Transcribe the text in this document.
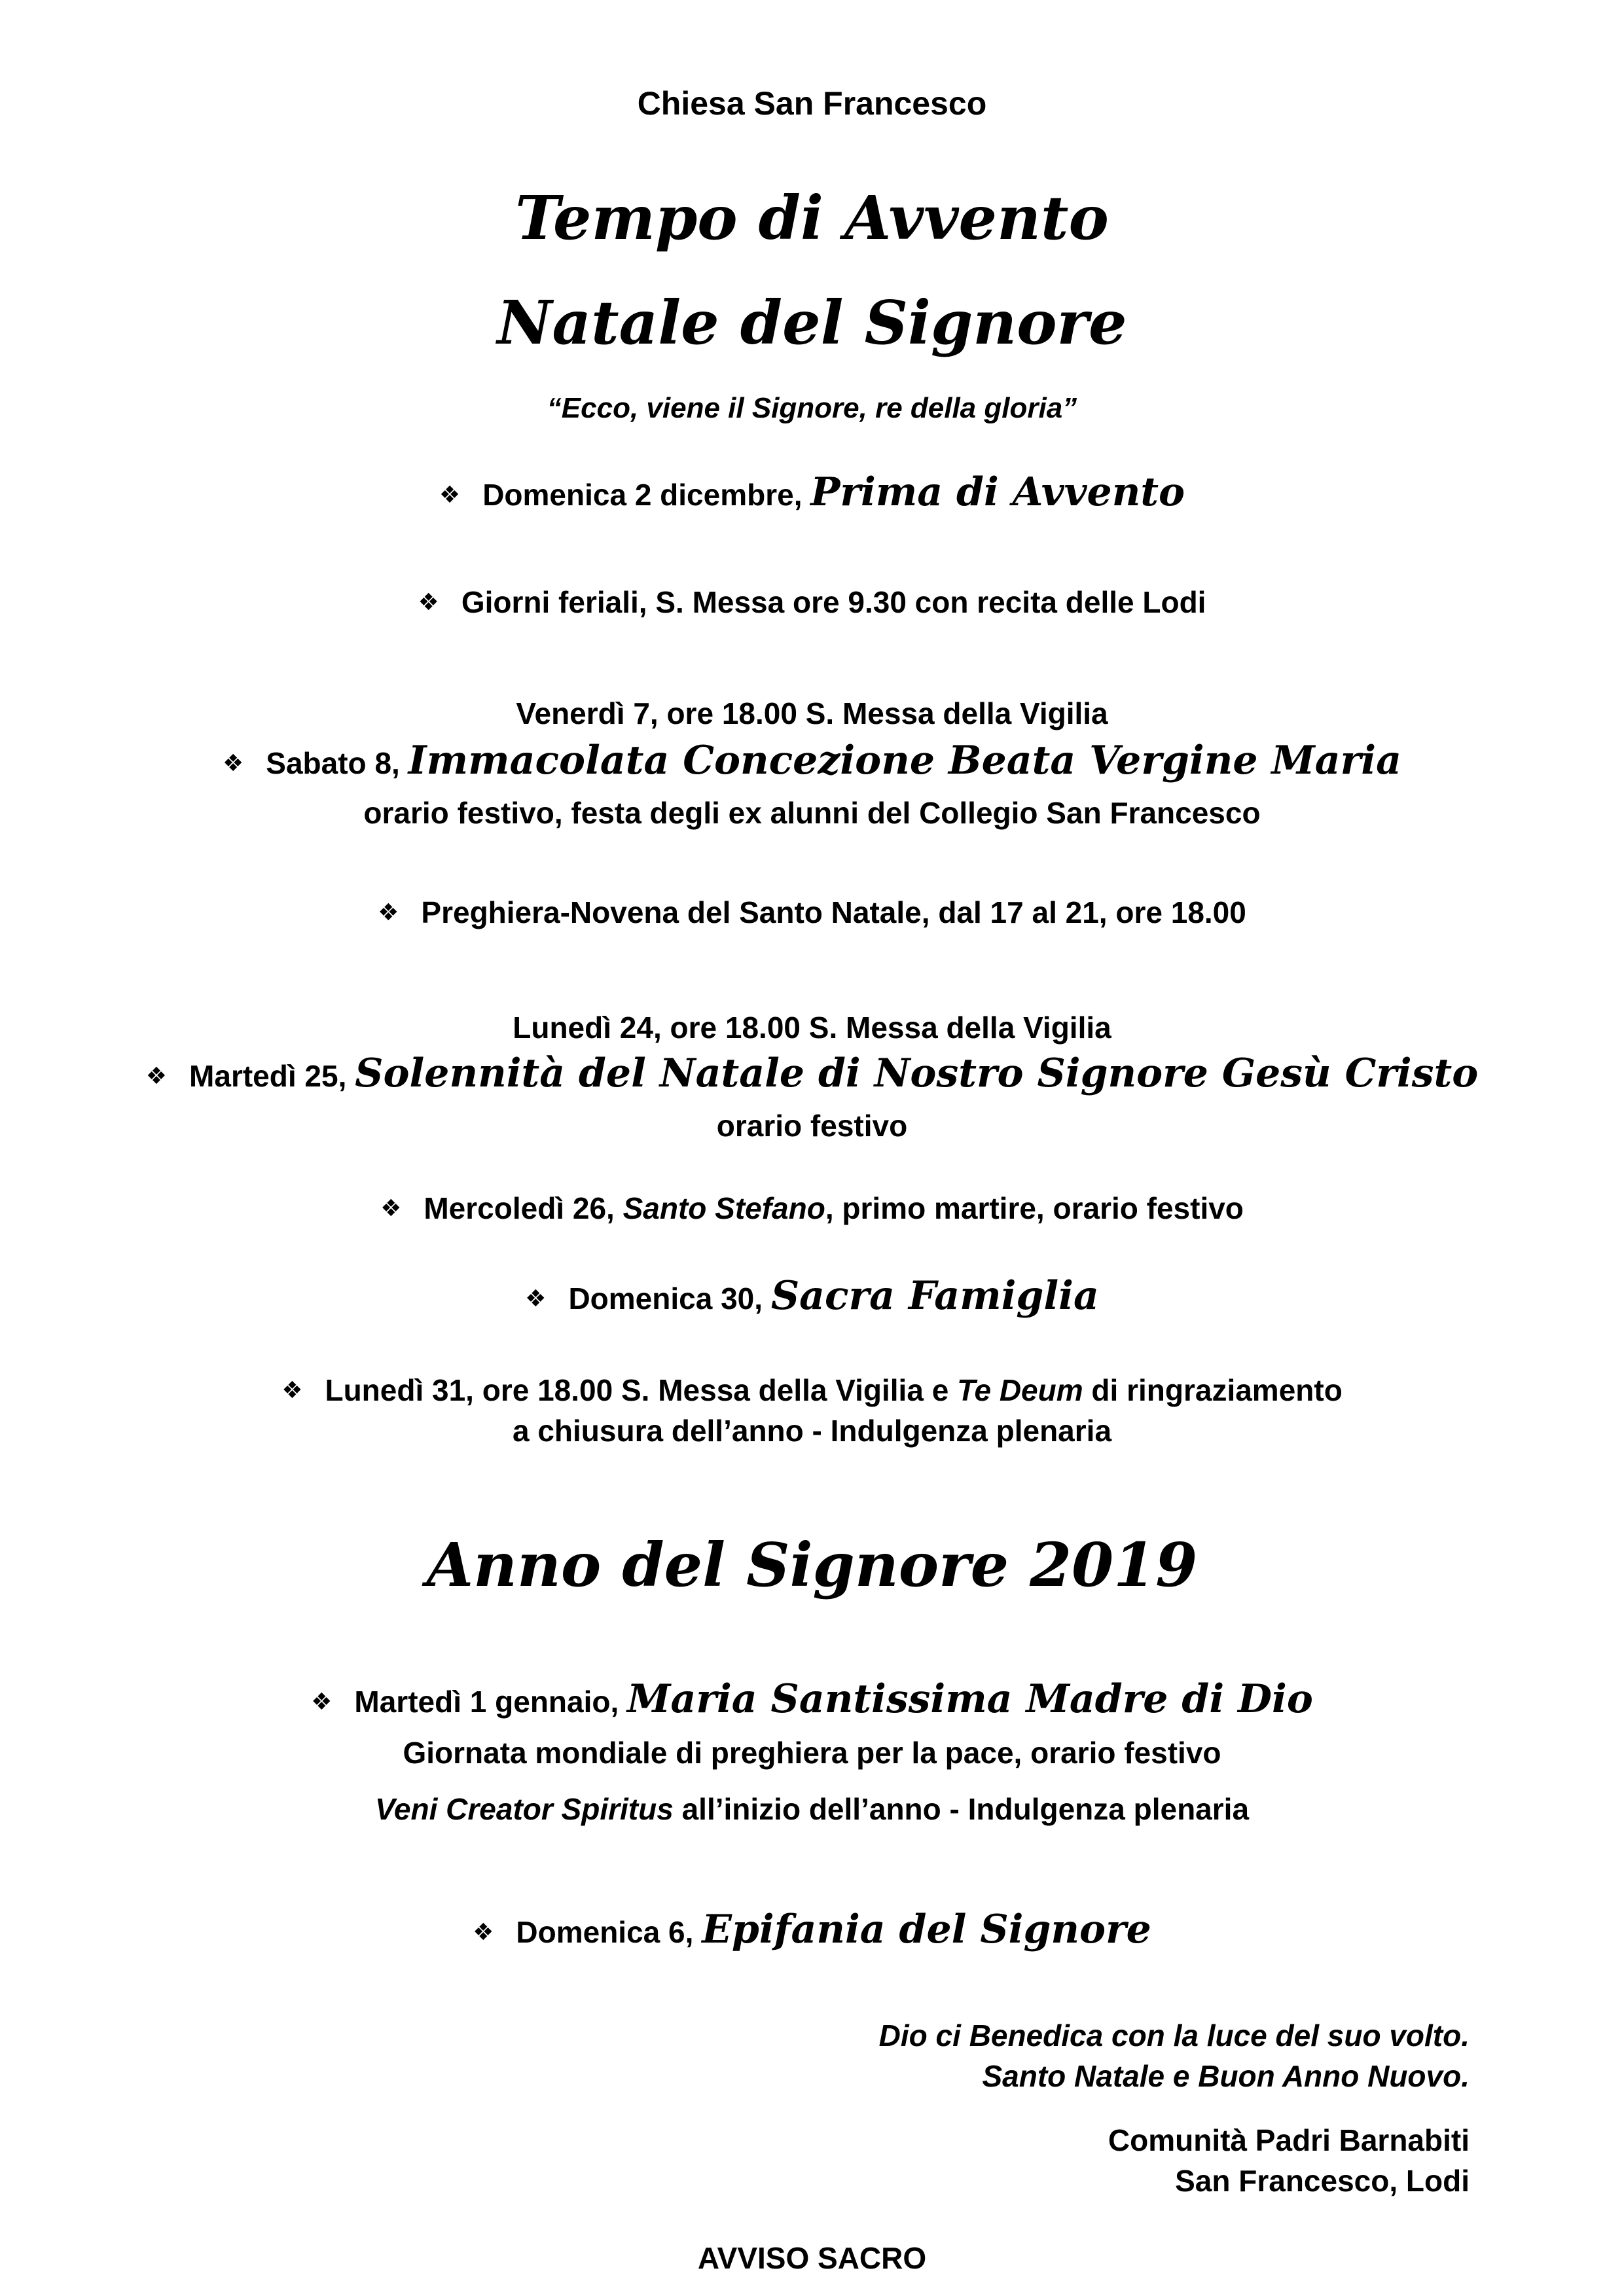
Chiesa San Francesco
Tempo di Avvento
Natale del Signore
“Ecco, viene il Signore, re della gloria”
❖ Domenica 2 dicembre, Prima di Avvento
❖ Giorni feriali, S. Messa ore 9.30 con recita delle Lodi
Venerdì 7, ore 18.00 S. Messa della Vigilia
❖ Sabato 8, Immacolata Concezione Beata Vergine Maria
orario festivo, festa degli ex alunni del Collegio San Francesco
❖ Preghiera-Novena del Santo Natale, dal 17 al 21, ore 18.00
Lunedì 24, ore 18.00 S. Messa della Vigilia
❖ Martedì 25, Solennità del Natale di Nostro Signore Gesù Cristo
orario festivo
❖ Mercoledì 26, Santo Stefano, primo martire, orario festivo
❖ Domenica 30, Sacra Famiglia
❖ Lunedì 31, ore 18.00 S. Messa della Vigilia e Te Deum di ringraziamento
a chiusura dell’anno - Indulgenza plenaria
Anno del Signore 2019
❖ Martedì 1 gennaio, Maria Santissima Madre di Dio
Giornata mondiale di preghiera per la pace, orario festivo
Veni Creator Spiritus all’inizio dell’anno - Indulgenza plenaria
❖ Domenica 6, Epifania del Signore
Dio ci Benedica con la luce del suo volto.
Santo Natale e Buon Anno Nuovo.
Comunità Padri Barnabiti
San Francesco, Lodi
AVVISO SACRO
